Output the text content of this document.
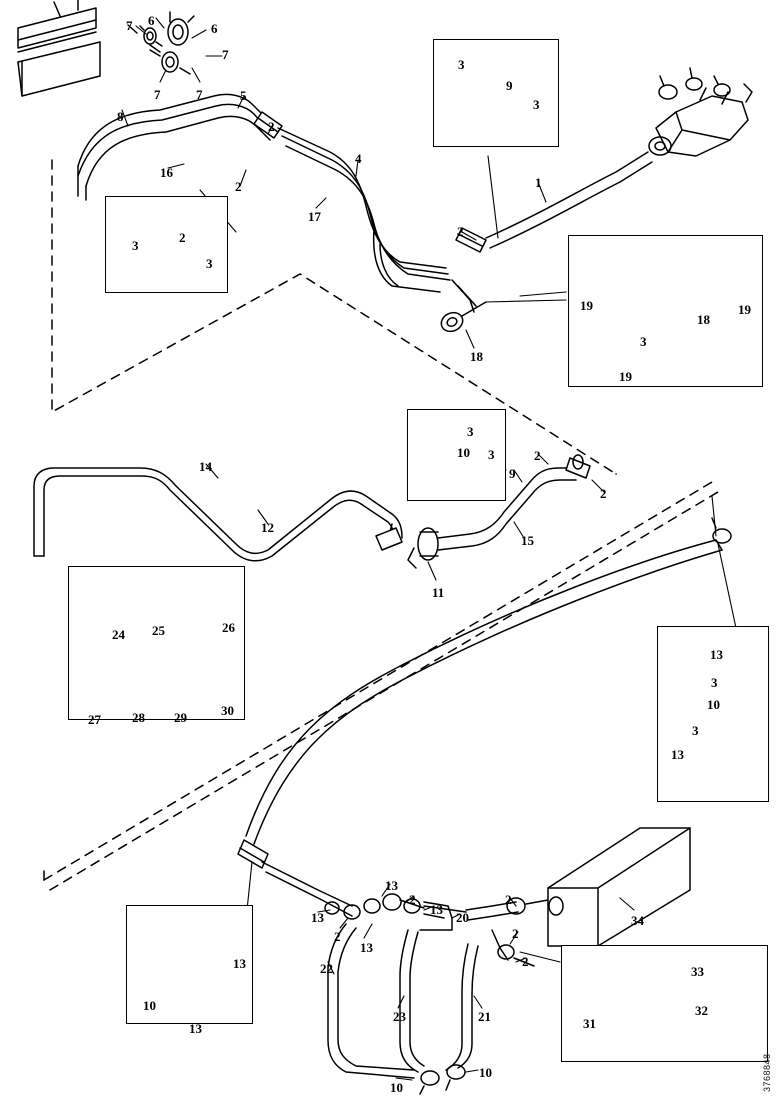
7 6
6
7
7	7	5
8
2
16
2
4
17
3
9
3
1
2
3
2
3
18
19
18
19
3
19
3
10 3	2
9
2
14
12
15
11
24 25	26
27 28 29	30
13
3
10
3
13
13
2
13
20
13
2
13
2
2
2
34
22
23	21
10
10
13
10
13
33
32
31
3768848
